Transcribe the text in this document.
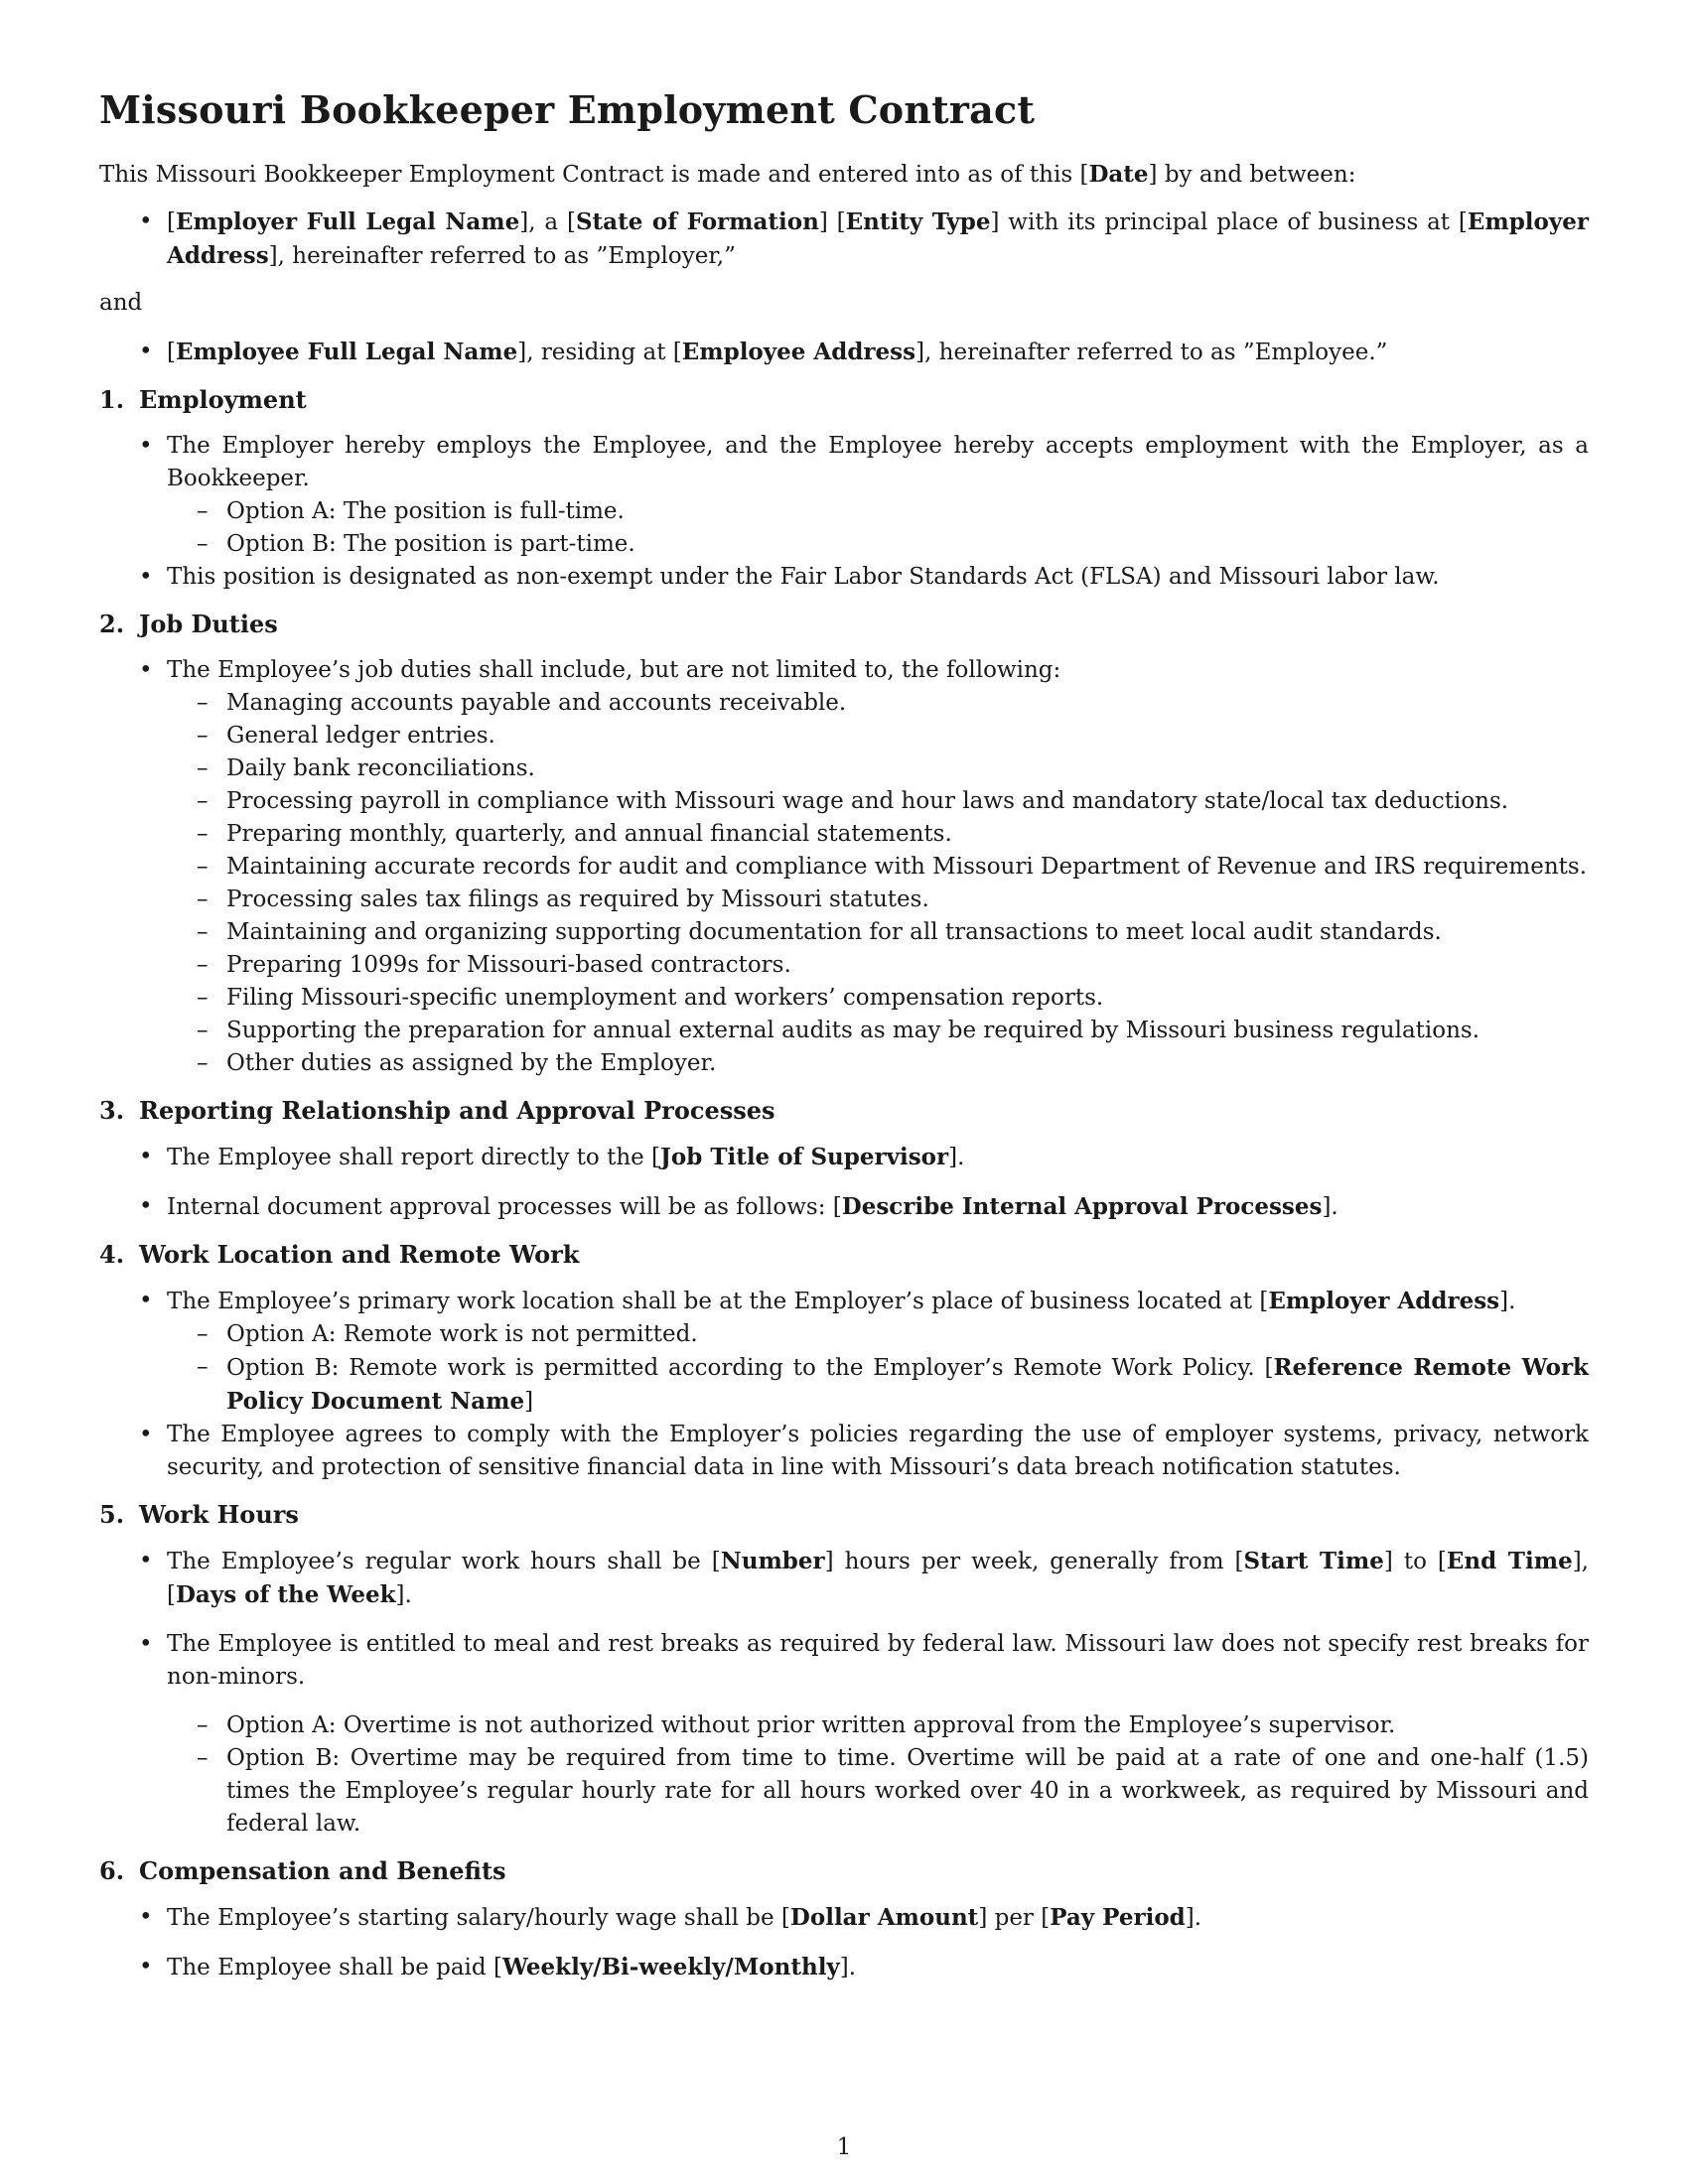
Missouri Bookkeeper Employment Contract

This Missouri Bookkeeper Employment Contract is made and entered into as of this [Date] by and between:

• [Employer Full Legal Name], a [State of Formation] [Entity Type] with its principal place of business at [Employer Address], hereinafter referred to as ”Employer,”

and

• [Employee Full Legal Name], residing at [Employee Address], hereinafter referred to as ”Employee.”
1. Employment
• The Employer hereby employs the Employee, and the Employee hereby accepts employment with the Employer, as a Bookkeeper.
– Option A: The position is full-time.
– Option B: The position is part-time.
• This position is designated as non-exempt under the Fair Labor Standards Act (FLSA) and Missouri labor law.
2. Job Duties
• The Employee’s job duties shall include, but are not limited to, the following:
– Managing accounts payable and accounts receivable.
– General ledger entries.
– Daily bank reconciliations.
– Processing payroll in compliance with Missouri wage and hour laws and mandatory state/local tax deductions.
– Preparing monthly, quarterly, and annual financial statements.
– Maintaining accurate records for audit and compliance with Missouri Department of Revenue and IRS requirements.
– Processing sales tax filings as required by Missouri statutes.
– Maintaining and organizing supporting documentation for all transactions to meet local audit standards.
– Preparing 1099s for Missouri-based contractors.
– Filing Missouri-specific unemployment and workers’ compensation reports.
– Supporting the preparation for annual external audits as may be required by Missouri business regulations.
– Other duties as assigned by the Employer.
3. Reporting Relationship and Approval Processes
• The Employee shall report directly to the [Job Title of Supervisor].
• Internal document approval processes will be as follows: [Describe Internal Approval Processes].
4. Work Location and Remote Work
• The Employee’s primary work location shall be at the Employer’s place of business located at [Employer Address].
– Option A: Remote work is not permitted.
– Option B: Remote work is permitted according to the Employer’s Remote Work Policy. [Reference Remote Work Policy Document Name]
• The Employee agrees to comply with the Employer’s policies regarding the use of employer systems, privacy, network security, and protection of sensitive financial data in line with Missouri’s data breach notification statutes.
5. Work Hours
• The Employee’s regular work hours shall be [Number] hours per week, generally from [Start Time] to [End Time], [Days of the Week].
• The Employee is entitled to meal and rest breaks as required by federal law. Missouri law does not specify rest breaks for non-minors.
– Option A: Overtime is not authorized without prior written approval from the Employee’s supervisor.
– Option B: Overtime may be required from time to time. Overtime will be paid at a rate of one and one-half (1.5) times the Employee’s regular hourly rate for all hours worked over 40 in a workweek, as required by Missouri and federal law.
6. Compensation and Benefits
• The Employee’s starting salary/hourly wage shall be [Dollar Amount] per [Pay Period].
• The Employee shall be paid [Weekly/Bi-weekly/Monthly].
1
